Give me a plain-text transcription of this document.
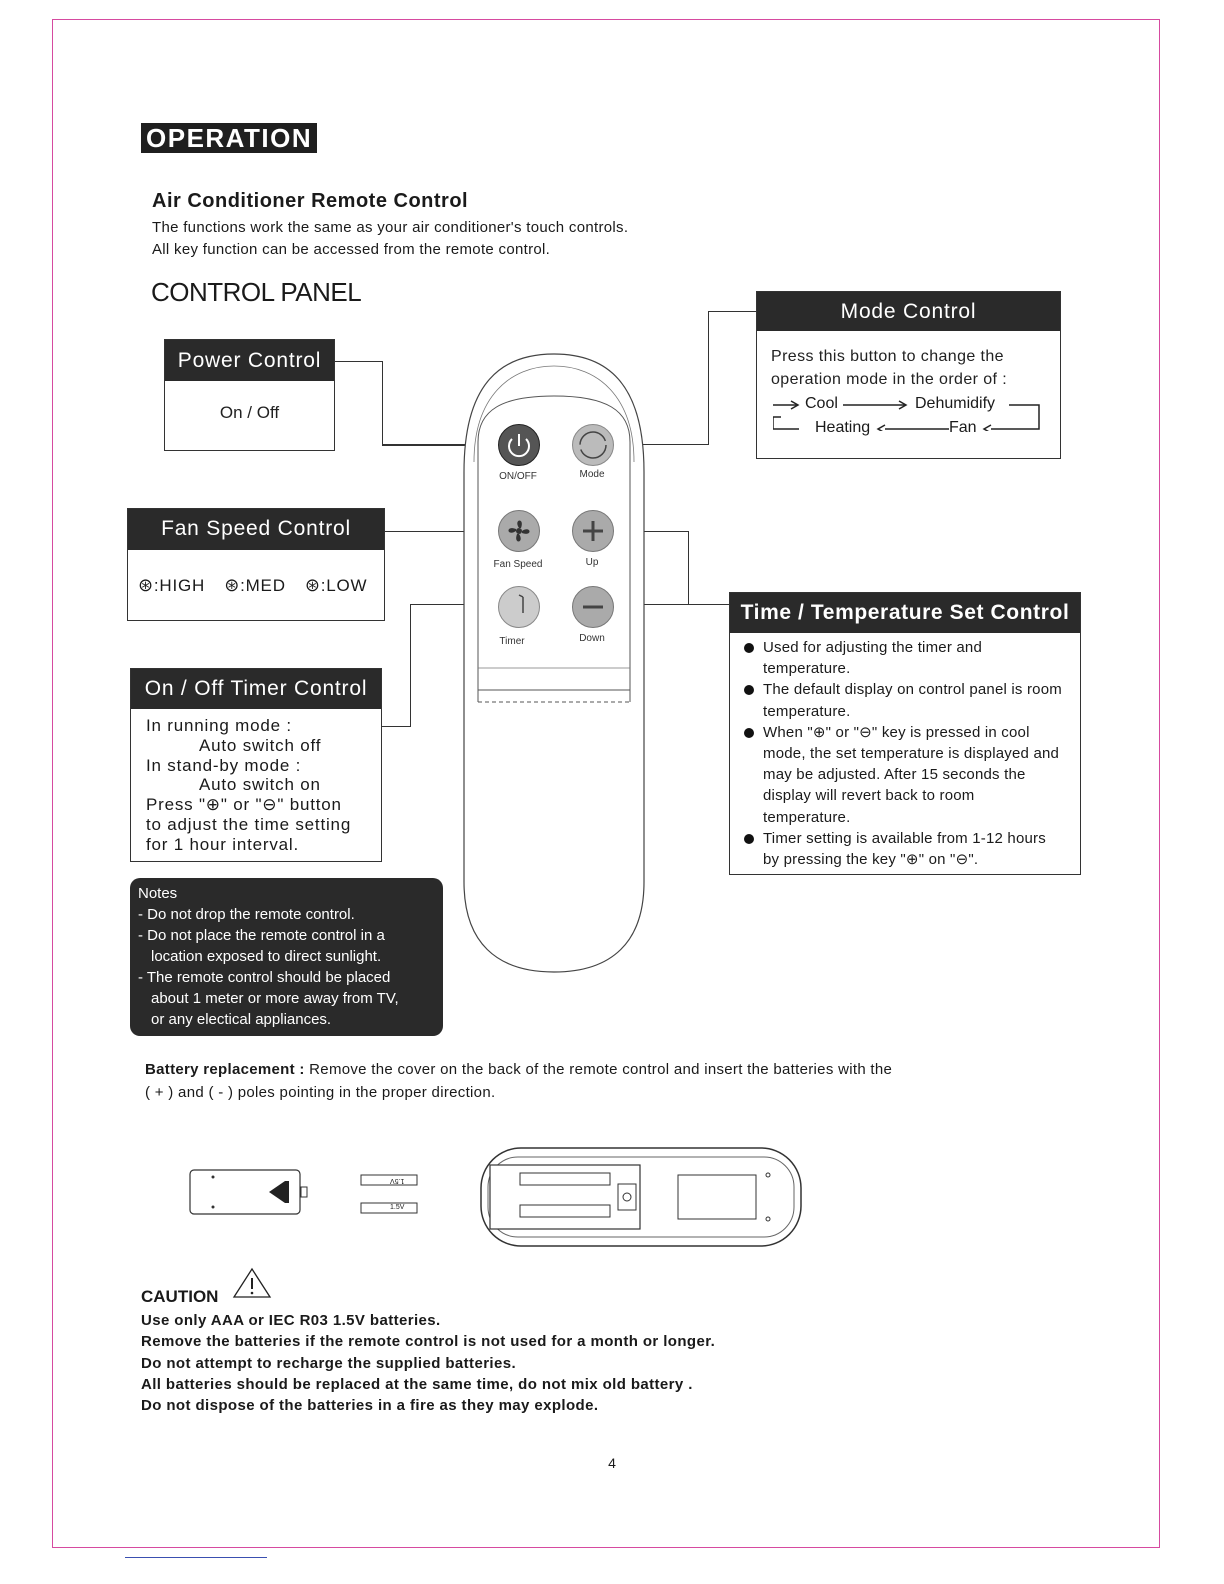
OPERATION
Air Conditioner Remote Control
The functions work the same as your air conditioner's touch controls.
All key function can be accessed from the remote control.
CONTROL PANEL
Power Control
On / Off
Mode Control
Press this button to change the
operation mode in the order of :
Cool	Dehumidify
Heating	Fan
Fan Speed Control
⊛:HIGH ⊛:MED ⊛:LOW
Time / Temperature Set Control
Used for adjusting the timer and temperature.
The default display on control panel is room temperature.
When "⊕" or "⊖" key is pressed in cool mode, the set temperature is displayed and may be adjusted. After 15 seconds the display will revert back to room temperature.
Timer setting is available from 1-12 hours by pressing the key "⊕" on "⊖".
On / Off Timer Control
In running mode :
Auto switch off
In stand-by mode :
Auto switch on
Press "⊕" or "⊖" button
to adjust the time setting
for 1 hour interval.
ON/OFF	Mode
Fan Speed	Up
Timer	Down

Notes

- Do not drop the remote control.

- Do not place the remote control in a

location exposed to direct sunlight.

- The remote control should be placed

about 1 meter or more away from TV,

or any electical appliances.

Battery replacement : Remove the cover on the back of the remote control and insert the batteries with the
( + ) and ( - ) poles pointing in the proper direction.
1.5V
1.5V
CAUTION
Use only AAA or IEC R03 1.5V batteries.
Remove the batteries if the remote control is not used for a month or longer.
Do not attempt to recharge the supplied batteries.
All batteries should be replaced at the same time, do not mix old battery .
Do not dispose of the batteries in a fire as they may explode.
4
